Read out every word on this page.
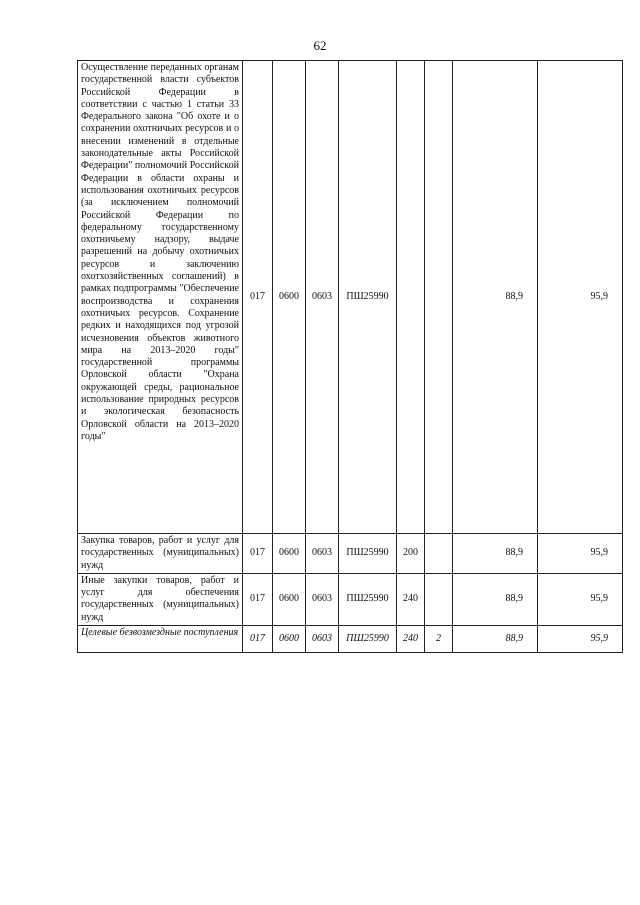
62
Осуществление переданных органам государственной власти субъектов Российской Федерации в соответствии с частью 1 статьи 33 Федерального закона "Об охоте и о сохранении охотничьих ресурсов и о внесении изменений в отдельные законодательные акты Российской Федерации" полномочий Российской Федерации в области охраны и использования охотничьих ресурсов (за исключением полномочий Российской Федерации по федеральному государственному охотничьему надзору, выдаче разрешений на добычу охотничьих ресурсов и заключению охотхозяйственных соглашений) в рамках подпрограммы "Обеспечение воспроизводства и сохранения охотничьих ресурсов. Сохранение редких и находящихся под угрозой исчезновения объектов животного мира на 2013–2020 годы" государственной программы Орловской области "Охрана окружающей среды, рациональное использование природных ресурсов и экологическая безопасность Орловской области на 2013–2020 годы"	017	0600	0603	ПШ25990			88,9	95,9

Закупка товаров, работ и услуг для государственных (муниципальных) нужд	017	0600	0603	ПШ25990	200		88,9	95,9

Иные закупки товаров, работ и услуг для обеспечения государственных (муниципальных) нужд	017	0600	0603	ПШ25990	240		88,9	95,9

Целевые безвозмездные поступления	017	0600	0603	ПШ25990	240	2	88,9	95,9
